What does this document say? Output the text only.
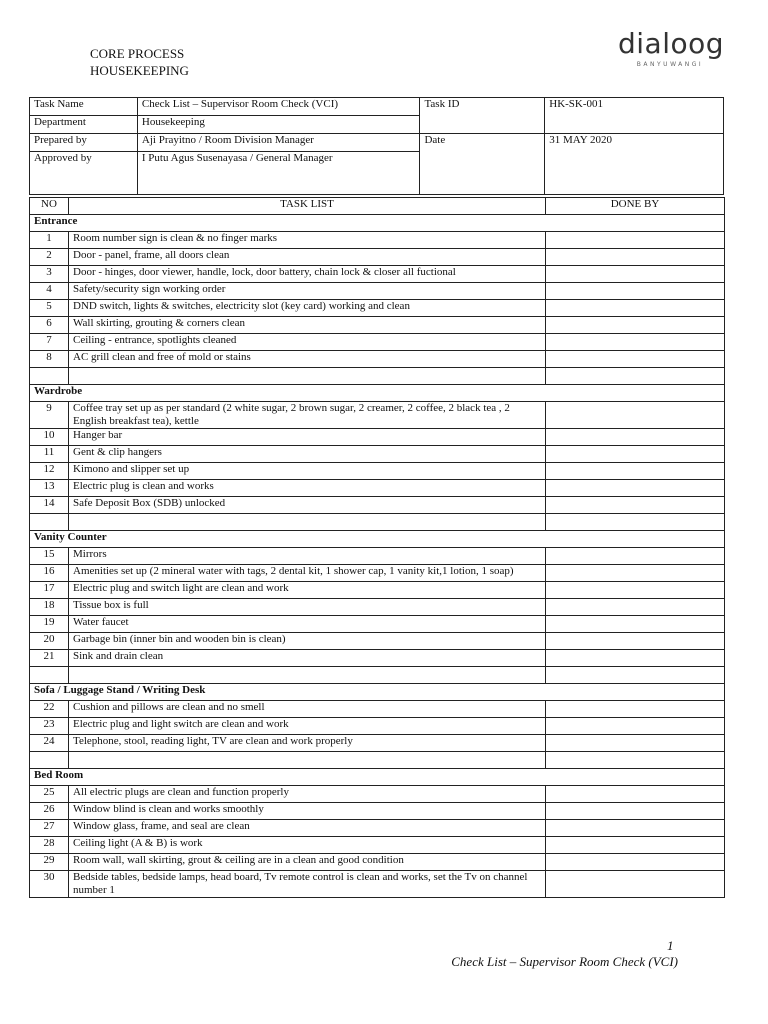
CORE PROCESS
HOUSEKEEPING
dialoog
BANYUWANGI
Task Name	Check List – Supervisor Room Check (VCI)	Task ID	HK-SK-001
Department	Housekeeping		
Prepared by	Aji Prayitno / Room Division Manager	Date	31 MAY 2020
Approved by	I Putu Agus Susenayasa / General Manager		
NO	TASK LIST	DONE BY
Entrance		
1	Room number sign is clean & no finger marks	
2	Door - panel, frame, all doors clean	
3	Door - hinges, door viewer, handle, lock, door battery, chain lock & closer all fuctional	
4	Safety/security sign working order	
5	DND switch, lights & switches, electricity slot (key card) working and clean	
6	Wall skirting, grouting & corners clean	
7	Ceiling - entrance, spotlights cleaned	
8	AC grill clean and free of mold or stains	

Wardrobe		
9	Coffee tray set up as per standard (2 white sugar, 2 brown sugar, 2 creamer, 2 coffee, 2 black tea , 2 English breakfast tea), kettle	
10	Hanger bar	
11	Gent & clip hangers	
12	Kimono and slipper set up	
13	Electric plug is clean and works	
14	Safe Deposit Box (SDB) unlocked	

Vanity Counter		
15	Mirrors	
16	Amenities set up (2 mineral water with tags, 2 dental kit, 1 shower cap, 1 vanity kit,1 lotion, 1 soap)	
17	Electric plug and switch light are clean and work	
18	Tissue box is full	
19	Water faucet	
20	Garbage bin (inner bin and wooden bin is clean)	
21	Sink and drain clean	

Sofa / Luggage Stand / Writing Desk		
22	Cushion and pillows are clean and no smell	
23	Electric plug and light switch are clean and work	
24	Telephone, stool, reading light, TV are clean and work properly	

Bed Room		
25	All electric plugs are clean and function properly	
26	Window blind is clean and works smoothly	
27	Window glass, frame, and seal are clean	
28	Ceiling light (A & B) is work	
29	Room wall, wall skirting, grout & ceiling are in a clean and good condition	
30	Bedside tables, bedside lamps, head board, Tv remote control is clean and works, set the Tv on channel number 1	
1
Check List – Supervisor Room Check (VCI)
